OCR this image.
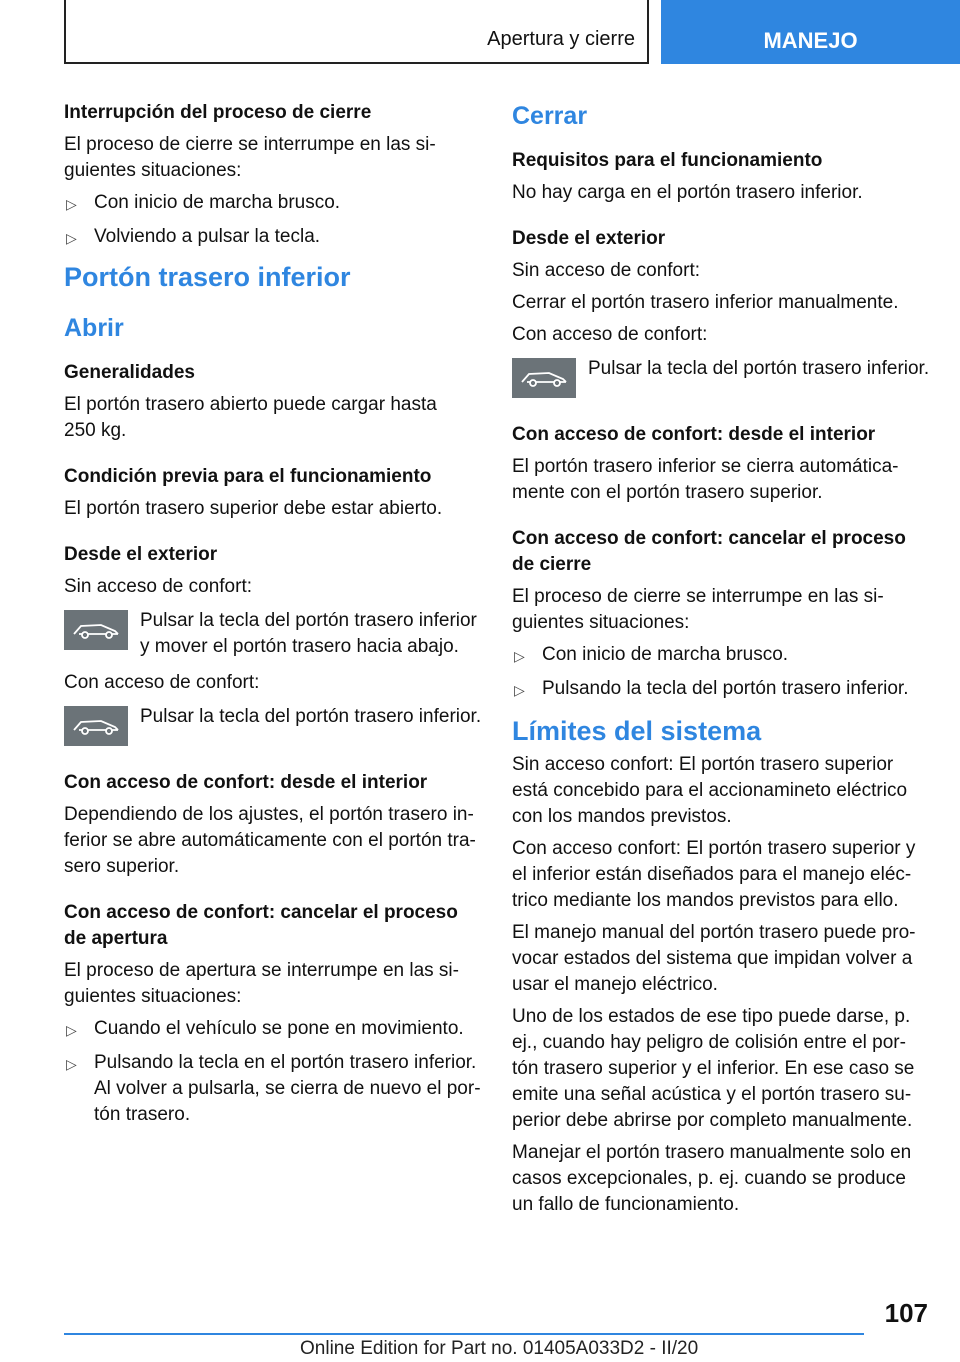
Apertura y cierre	MANEJO
Interrupción del proceso de cierre
El proceso de cierre se interrumpe en las si-guientes situaciones:
▷ Con inicio de marcha brusco.
▷ Volviendo a pulsar la tecla.
Portón trasero inferior
Abrir
Generalidades
El portón trasero abierto puede cargar hasta 250 kg.
Condición previa para el funcionamiento
El portón trasero superior debe estar abierto.
Desde el exterior
Sin acceso de confort:
Pulsar la tecla del portón trasero inferior y mover el portón trasero hacia abajo.
Con acceso de confort:
Pulsar la tecla del portón trasero inferior.
Con acceso de confort: desde el interior
Dependiendo de los ajustes, el portón trasero in-ferior se abre automáticamente con el portón tra-sero superior.
Con acceso de confort: cancelar el proceso de apertura
El proceso de apertura se interrumpe en las si-guientes situaciones:
▷ Cuando el vehículo se pone en movimiento.
▷ Pulsando la tecla en el portón trasero inferior. Al volver a pulsarla, se cierra de nuevo el por-tón trasero.
Cerrar
Requisitos para el funcionamiento
No hay carga en el portón trasero inferior.
Desde el exterior
Sin acceso de confort:
Cerrar el portón trasero inferior manualmente.
Con acceso de confort:
Pulsar la tecla del portón trasero inferior.
Con acceso de confort: desde el interior
El portón trasero inferior se cierra automática-mente con el portón trasero superior.
Con acceso de confort: cancelar el proceso de cierre
El proceso de cierre se interrumpe en las si-guientes situaciones:
▷ Con inicio de marcha brusco.
▷ Pulsando la tecla del portón trasero inferior.
Límites del sistema
Sin acceso confort: El portón trasero superior está concebido para el accionamineto eléctrico con los mandos previstos.
Con acceso confort: El portón trasero superior y el inferior están diseñados para el manejo eléc-trico mediante los mandos previstos para ello.
El manejo manual del portón trasero puede pro-vocar estados del sistema que impidan volver a usar el manejo eléctrico.
Uno de los estados de ese tipo puede darse, p. ej., cuando hay peligro de colisión entre el por-tón trasero superior y el inferior. En ese caso se emite una señal acústica y el portón trasero su-perior debe abrirse por completo manualmente.
Manejar el portón trasero manualmente solo en casos excepcionales, p. ej. cuando se produce un fallo de funcionamiento.
107
Online Edition for Part no. 01405A033D2 - II/20
